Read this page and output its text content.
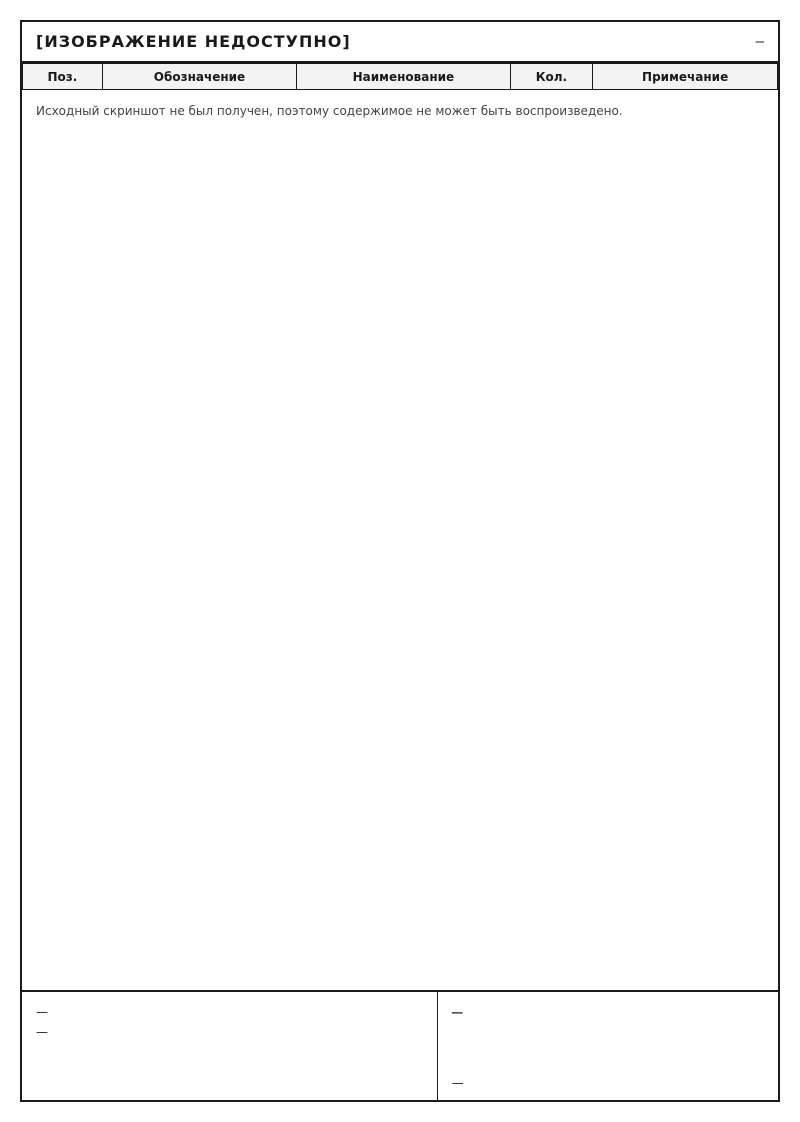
[ИЗОБРАЖЕНИЕ НЕДОСТУПНО]	—
Поз.	Обозначение	Наименование	Кол.	Примечание

Исходный скриншот не был получен, поэтому содержимое не может быть воспроизведено.

—
—
—
—
